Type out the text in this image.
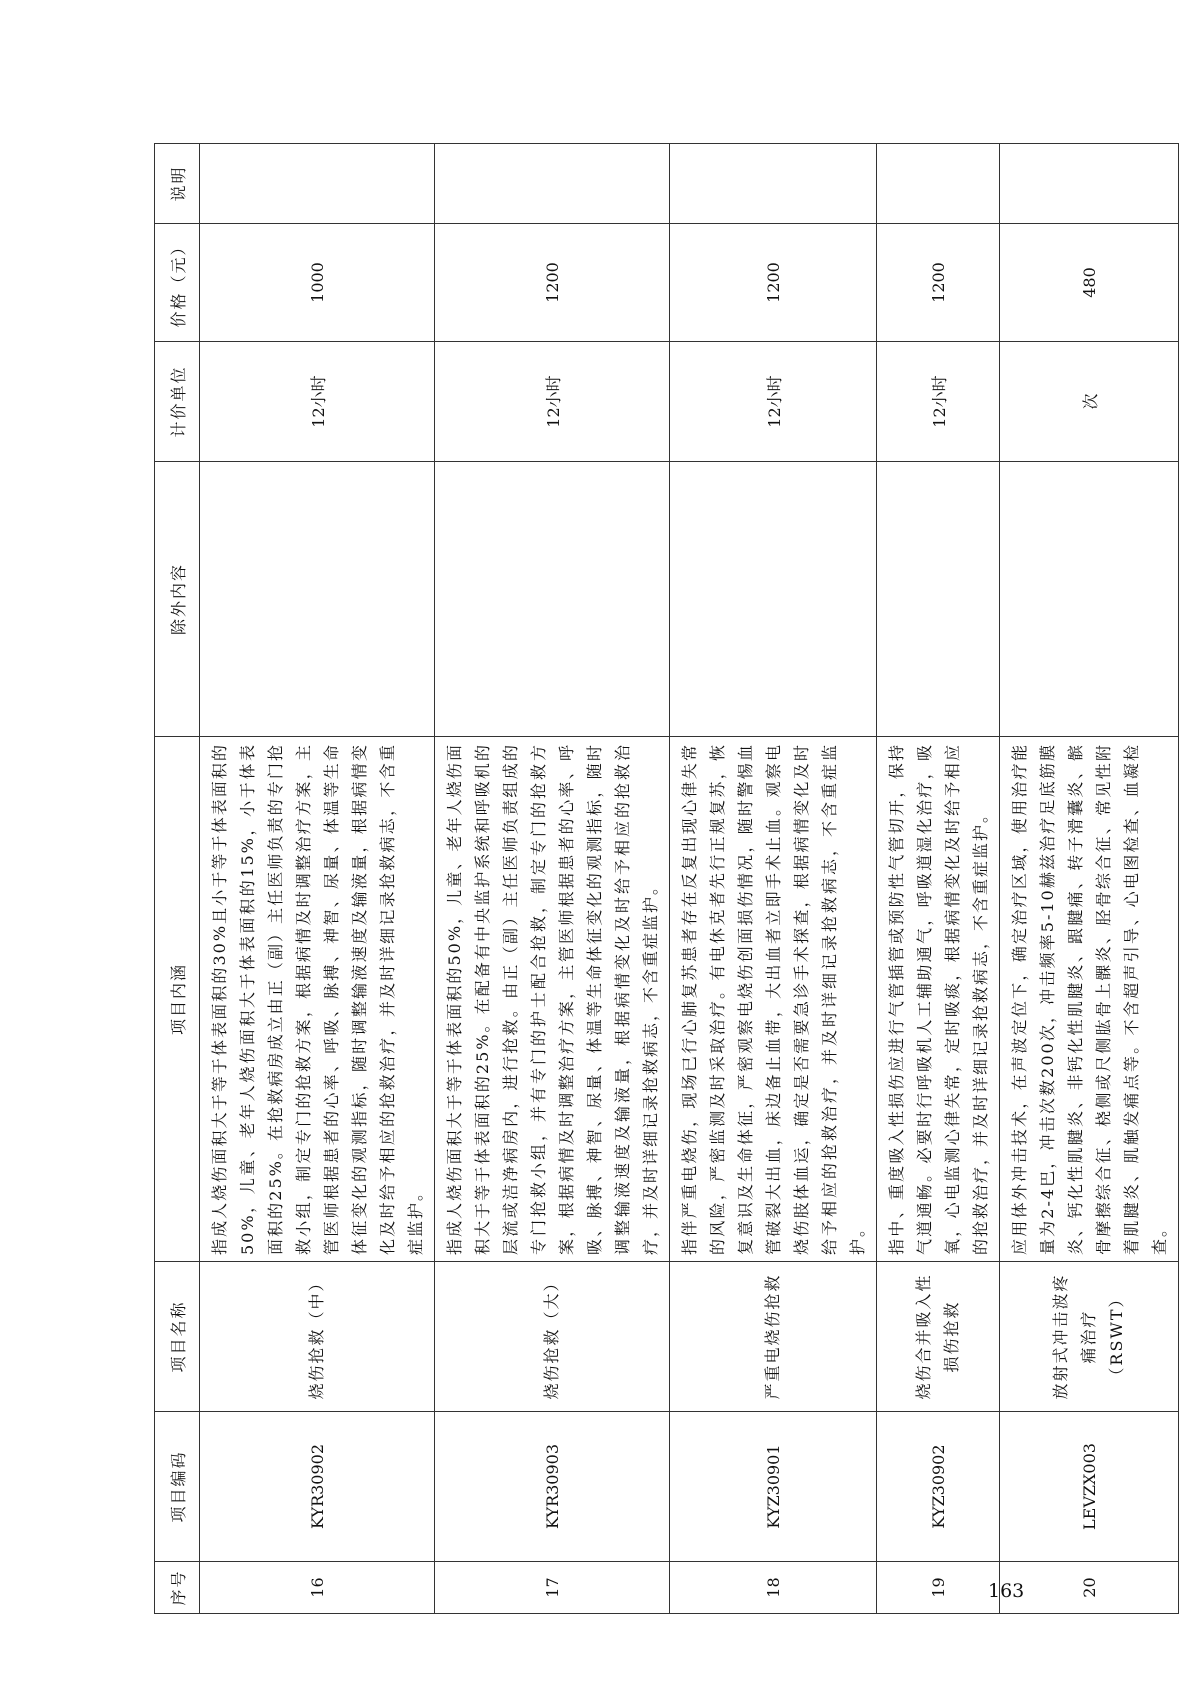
序号	项目编码	项目名称	项目内涵	除外内容	计价单位	价格（元）	说明
16	KYR30902	烧伤抢救（中）	指成人烧伤面积大于等于体表面积的30%且小于等于体表面积的50%，儿童、老年人烧伤面积大于体表面积的15%，小于体表面积的25%。在抢救病房成立由正（副）主任医师负责的专门抢救小组，制定专门的抢救方案，根据病情及时调整治疗方案，主管医师根据患者的心率、呼吸、脉搏、神智、尿量、体温等生命体征变化的观测指标，随时调整输液速度及输液量，根据病情变化及时给予相应的抢救治疗，并及时详细记录抢救病志，不含重症监护。		12小时	1000	
17	KYR30903	烧伤抢救（大）	指成人烧伤面积大于等于体表面积的50%，儿童、老年人烧伤面积大于等于体表面积的25%。在配备有中央监护系统和呼吸机的层流或洁净病房内，进行抢救。由正（副）主任医师负责组成的专门抢救小组，并有专门的护士配合抢救，制定专门的抢救方案，根据病情及时调整治疗方案，主管医师根据患者的心率、呼吸、脉搏、神智、尿量、体温等生命体征变化的观测指标，随时调整输液速度及输液量，根据病情变化及时给予相应的抢救治疗，并及时详细记录抢救病志，不含重症监护。		12小时	1200	
18	KYZ30901	严重电烧伤抢救	指伴严重电烧伤，现场已行心肺复苏患者存在反复出现心律失常的风险，严密监测及时采取治疗。有电休克者先行正规复苏，恢复意识及生命体征，严密观察电烧伤创面损伤情况，随时警惕血管破裂大出血，床边备止血带，大出血者立即手术止血。观察电烧伤肢体血运，确定是否需要急诊手术探查，根据病情变化及时给予相应的抢救治疗，并及时详细记录抢救病志，不含重症监护。		12小时	1200	
19	KYZ30902	烧伤合并吸入性损伤抢救	指中、重度吸入性损伤应进行气管插管或预防性气管切开，保持气道通畅。必要时行呼吸机人工辅助通气，呼吸道湿化治疗，吸氧，心电监测心律失常，定时吸痰，根据病情变化及时给予相应的抢救治疗，并及时详细记录抢救病志，不含重症监护。		12小时	1200	
20	LEVZX003	放射式冲击波疼痛治疗（RSWT）	应用体外冲击技术，在声波定位下，确定治疗区域，使用治疗能量为2-4巴，冲击次数200次，冲击频率5-10赫兹治疗足底筋膜炎、钙化性肌腱炎、非钙化性肌腱炎、跟腱痛、转子滑囊炎、髌骨摩擦综合征、桡侧或尺侧肱骨上髁炎、胫骨综合征、常见性附着肌腱炎、肌触发痛点等。不含超声引导、心电图检查、血凝检查。		次	480	
163
